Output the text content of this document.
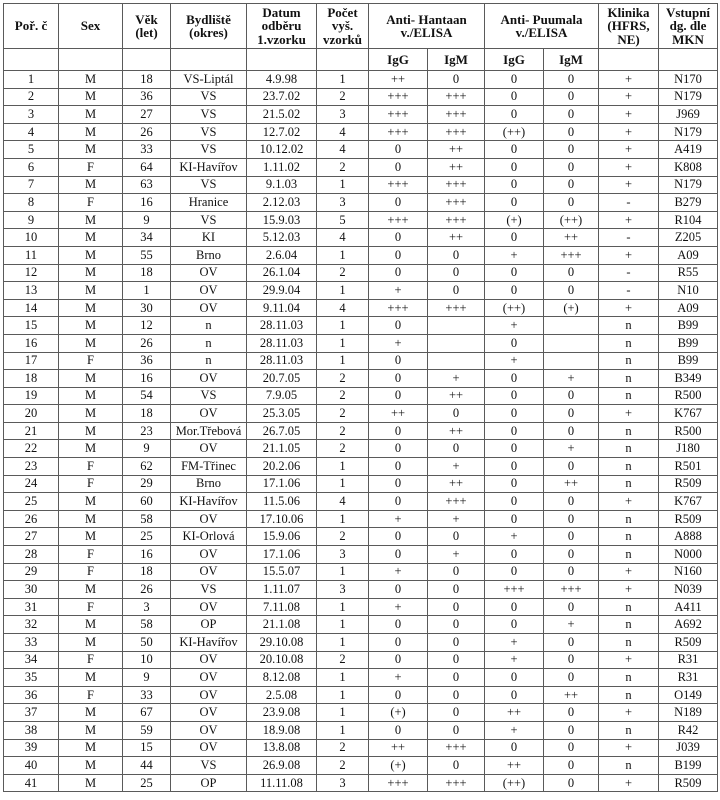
Poř. č	Sex	Věk (let)	Bydliště (okres)	Datum odběru 1.vzorku	Počet vyš. vzorků	Anti- Hantaan v./ELISA		Anti- Puumala v./ELISA		Klinika (HFRS, NE)	Vstupní dg. dle MKN
						IgG	IgM	IgG	IgM		
1	M	18	VS-Liptál	4.9.98	1	++	0	0	0	+	N170
2	M	36	VS	23.7.02	2	+++	+++	0	0	+	N179
3	M	27	VS	21.5.02	3	+++	+++	0	0	+	J969
4	M	26	VS	12.7.02	4	+++	+++	(++)	0	+	N179
5	M	33	VS	10.12.02	4	0	++	0	0	+	A419
6	F	64	KI-Havířov	1.11.02	2	0	++	0	0	+	K808
7	M	63	VS	9.1.03	1	+++	+++	0	0	+	N179
8	F	16	Hranice	2.12.03	3	0	+++	0	0	-	B279
9	M	9	VS	15.9.03	5	+++	+++	(+)	(++)	+	R104
10	M	34	KI	5.12.03	4	0	++	0	++	-	Z205
11	M	55	Brno	2.6.04	1	0	0	+	+++	+	A09
12	M	18	OV	26.1.04	2	0	0	0	0	-	R55
13	M	1	OV	29.9.04	1	+	0	0	0	-	N10
14	M	30	OV	9.11.04	4	+++	+++	(++)	(+)	+	A09
15	M	12	n	28.11.03	1	0		+		n	B99
16	M	26	n	28.11.03	1	+		0		n	B99
17	F	36	n	28.11.03	1	0		+		n	B99
18	M	16	OV	20.7.05	2	0	+	0	+	n	B349
19	M	54	VS	7.9.05	2	0	++	0	0	n	R500
20	M	18	OV	25.3.05	2	++	0	0	0	+	K767
21	M	23	Mor.Třebová	26.7.05	2	0	++	0	0	n	R500
22	M	9	OV	21.1.05	2	0	0	0	+	n	J180
23	F	62	FM-Třinec	20.2.06	1	0	+	0	0	n	R501
24	F	29	Brno	17.1.06	1	0	++	0	++	n	R509
25	M	60	KI-Havířov	11.5.06	4	0	+++	0	0	+	K767
26	M	58	OV	17.10.06	1	+	+	0	0	n	R509
27	M	25	KI-Orlová	15.9.06	2	0	0	+	0	n	A888
28	F	16	OV	17.1.06	3	0	+	0	0	n	N000
29	F	18	OV	15.5.07	1	+	0	0	0	+	N160
30	M	26	VS	1.11.07	3	0	0	+++	+++	+	N039
31	F	3	OV	7.11.08	1	+	0	0	0	n	A411
32	M	58	OP	21.1.08	1	0	0	0	+	n	A692
33	M	50	KI-Havířov	29.10.08	1	0	0	+	0	n	R509
34	F	10	OV	20.10.08	2	0	0	+	0	+	R31
35	M	9	OV	8.12.08	1	+	0	0	0	n	R31
36	F	33	OV	2.5.08	1	0	0	0	++	n	O149
37	M	67	OV	23.9.08	1	(+)	0	++	0	+	N189
38	M	59	OV	18.9.08	1	0	0	+	0	n	R42
39	M	15	OV	13.8.08	2	++	+++	0	0	+	J039
40	M	44	VS	26.9.08	2	(+)	0	++	0	n	B199
41	M	25	OP	11.11.08	3	+++	+++	(++)	0	+	R509
